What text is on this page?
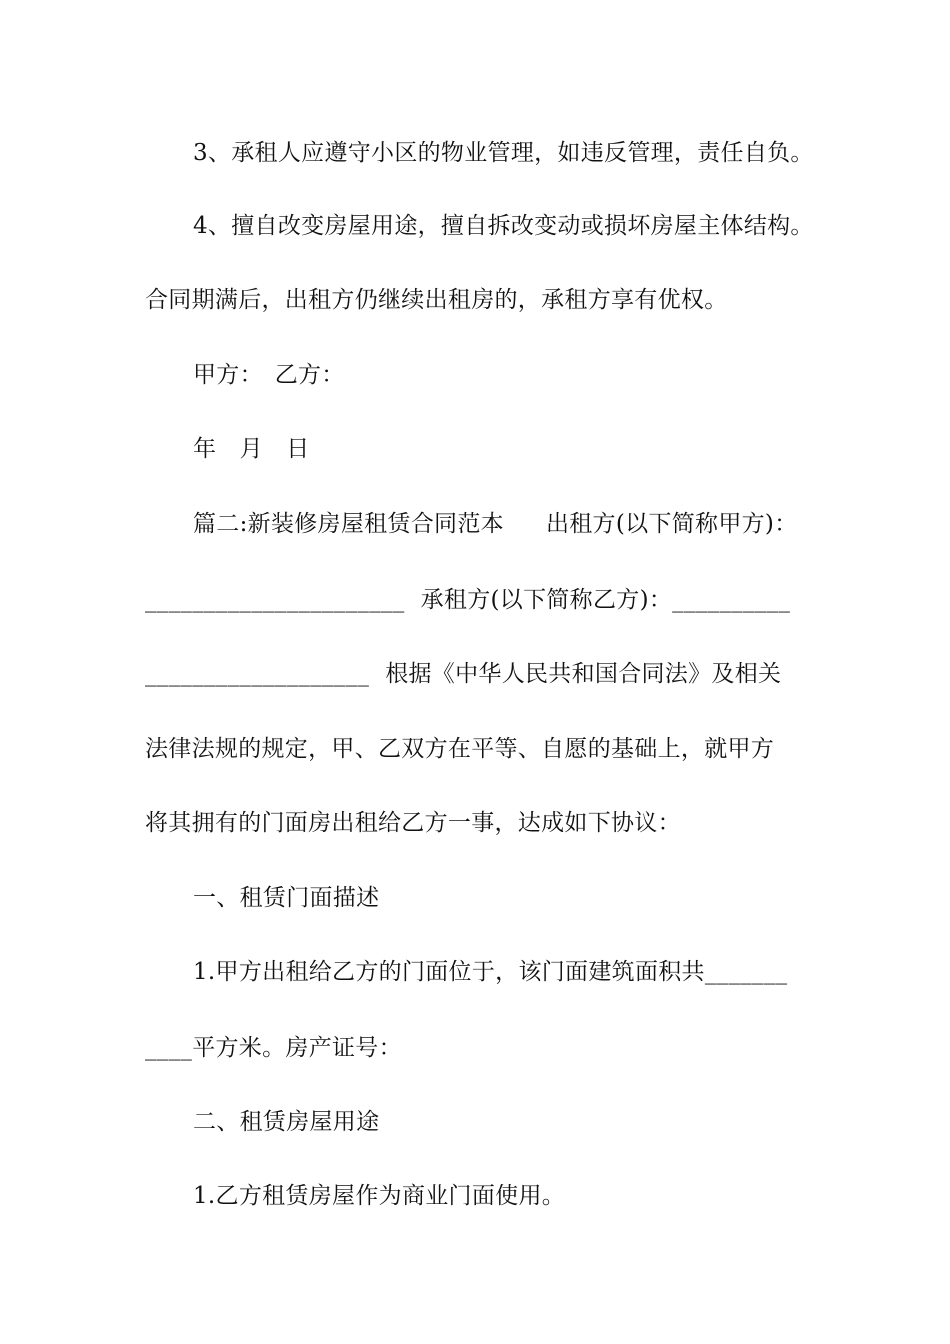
3、承租人应遵守小区的物业管理，如违反管理，责任自负。
4、擅自改变房屋用途，擅自拆改变动或损坏房屋主体结构。
合同期满后，出租方仍继续出租房的，承租方享有优权。
甲方：　乙方：
年　月　日
篇二:新装修房屋租赁合同范本 出租方(以下简称甲方)：
______________________ 承租方(以下简称乙方)：__________
___________________ 根据《中华人民共和国合同法》及相关
法律法规的规定，甲、乙双方在平等、自愿的基础上，就甲方
将其拥有的门面房出租给乙方一事，达成如下协议：
一、租赁门面描述
1.甲方出租给乙方的门面位于，该门面建筑面积共_______
____平方米。房产证号：
二、租赁房屋用途
1.乙方租赁房屋作为商业门面使用。
